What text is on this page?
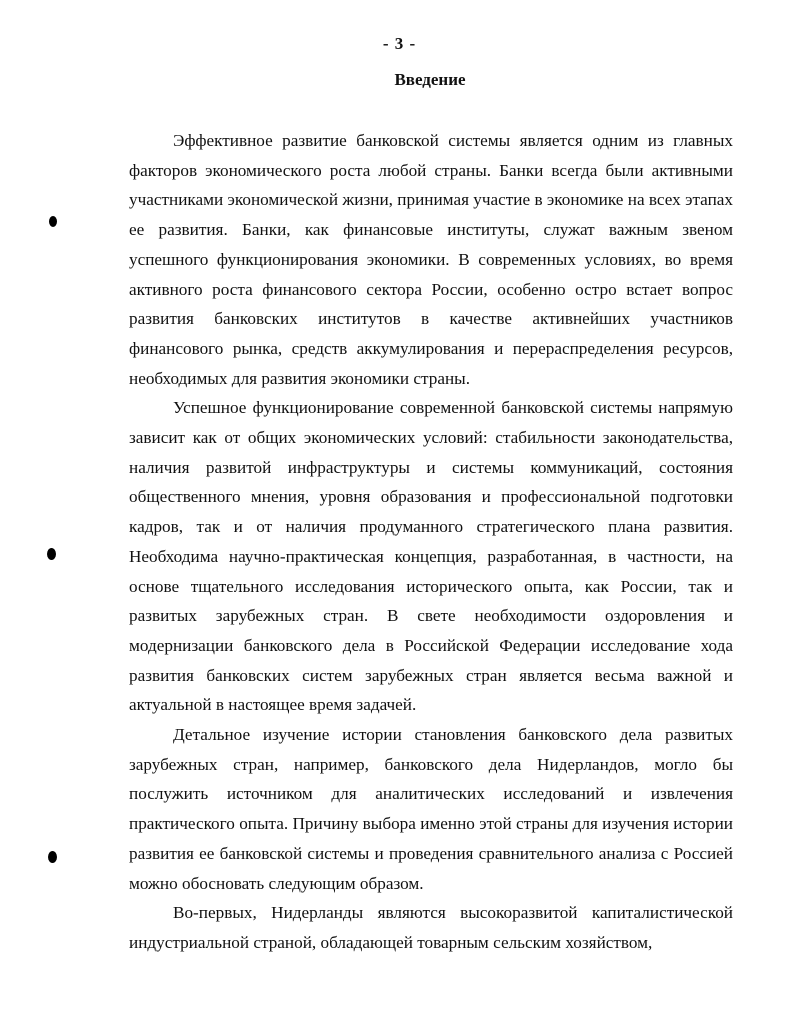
- 3 -
Введение

Эффективное развитие банковской системы является одним из главных факторов экономического роста любой страны. Банки всегда были активными участниками экономической жизни, принимая участие в экономике на всех этапах ее развития. Банки, как финансовые институты, служат важным звеном успешного функционирования экономики. В современных условиях, во время активного роста финансового сектора России, особенно остро встает вопрос развития банковских институтов в качестве активнейших участников финансового рынка, средств аккумулирования и перераспределения ресурсов, необходимых для развития экономики страны.

Успешное функционирование современной банковской системы напрямую зависит как от общих экономических условий: стабильности законодательства, наличия развитой инфраструктуры и системы коммуникаций, состояния общественного мнения, уровня образования и профессиональной подготовки кадров, так и от наличия продуманного стратегического плана развития. Необходима научно-практическая концепция, разработанная, в частности, на основе тщательного исследования исторического опыта, как России, так и развитых зарубежных стран. В свете необходимости оздоровления и модернизации банковского дела в Российской Федерации исследование хода развития банковских систем зарубежных стран является весьма важной и актуальной в настоящее время задачей.

Детальное изучение истории становления банковского дела развитых зарубежных стран, например, банковского дела Нидерландов, могло бы послужить источником для аналитических исследований и извлечения практического опыта. Причину выбора именно этой страны для изучения истории развития ее банковской системы и проведения сравнительного анализа с Россией можно обосновать следующим образом.

Во-первых, Нидерланды являются высокоразвитой капиталистической индустриальной страной, обладающей товарным сельским хозяйством,
